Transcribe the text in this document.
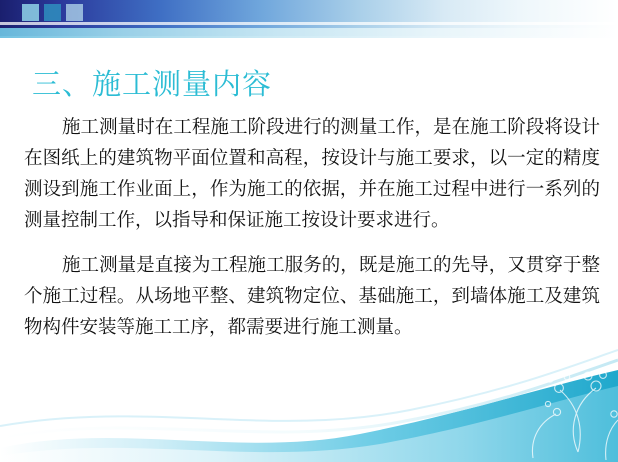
三、施工测量内容

施工测量时在工程施工阶段进行的测量工作，是在施工阶段将设计在图纸上的建筑物平面位置和高程，按设计与施工要求，以一定的精度测设到施工作业面上，作为施工的依据，并在施工过程中进行一系列的测量控制工作，以指导和保证施工按设计要求进行。

施工测量是直接为工程施工服务的，既是施工的先导，又贯穿于整个施工过程。从场地平整、建筑物定位、基础施工，到墙体施工及建筑物构件安装等施工工序，都需要进行施工测量。
